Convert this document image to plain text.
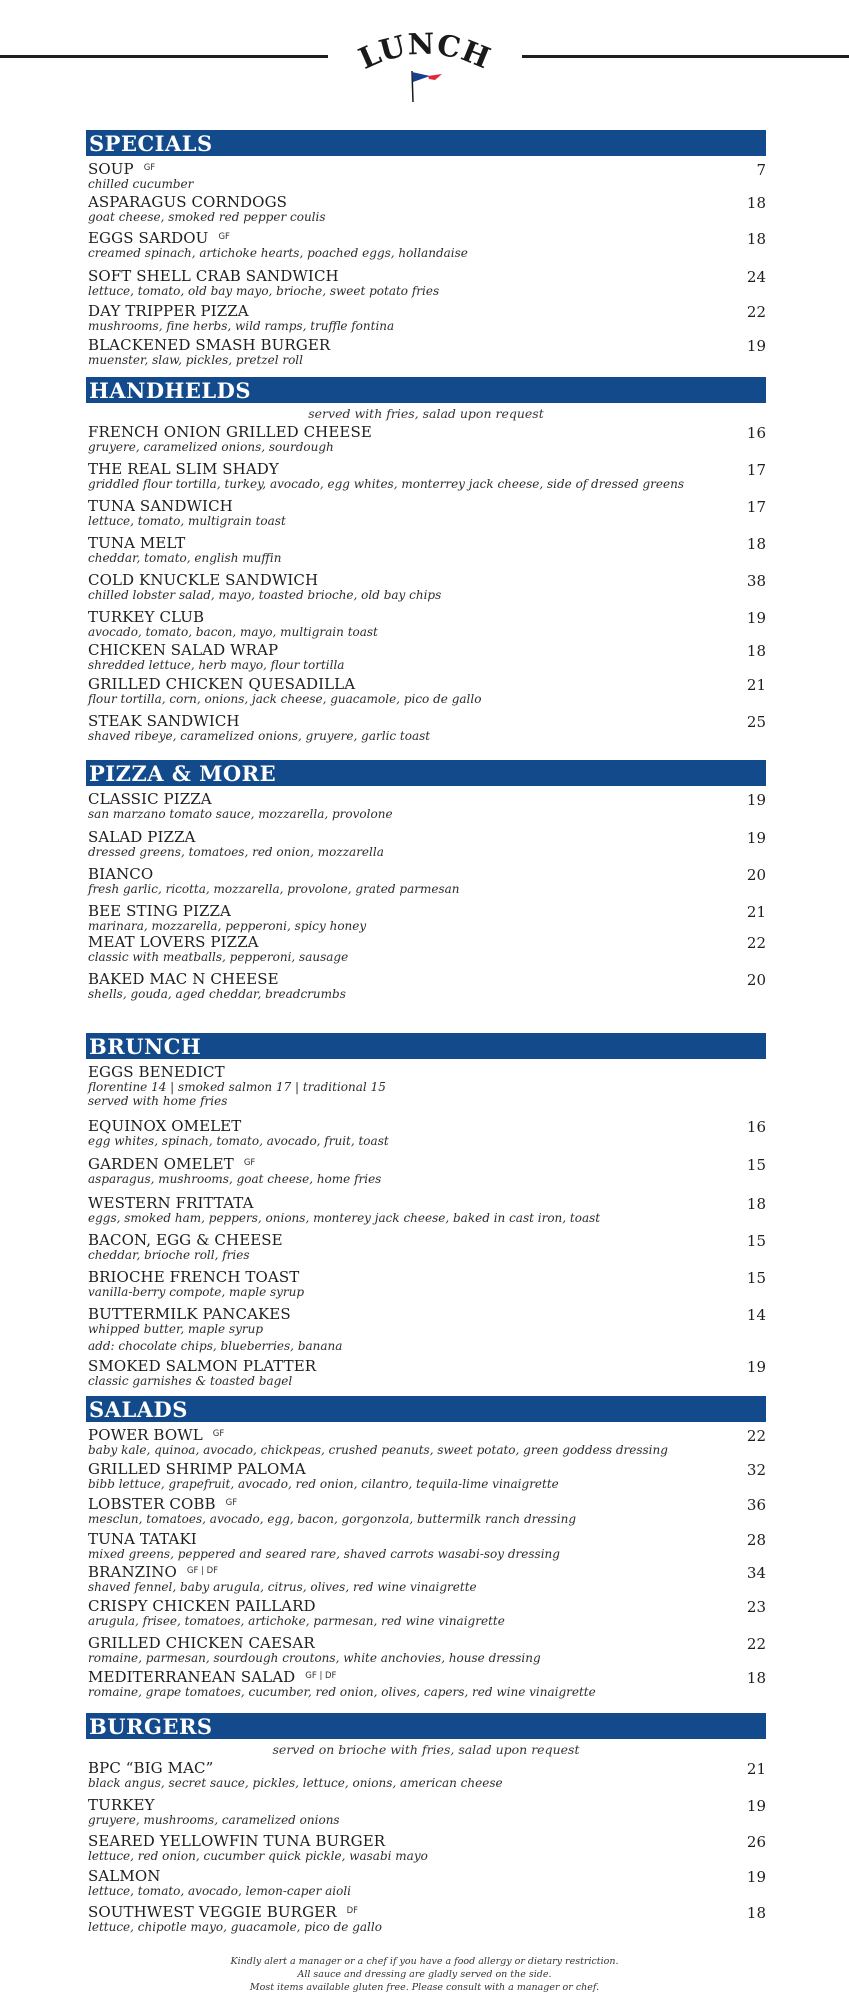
LUNCH
SPECIALS
SOUP $^{GF}$
chilled cucumber
7
ASPARAGUS CORNDOGS
goat cheese, smoked red pepper coulis
18
EGGS SARDOU $^{GF}$
creamed spinach, artichoke hearts, poached eggs, hollandaise
18
SOFT SHELL CRAB SANDWICH
lettuce, tomato, old bay mayo, brioche, sweet potato fries
24
DAY TRIPPER PIZZA
mushrooms, fine herbs, wild ramps, truffle fontina
22
BLACKENED SMASH BURGER
muenster, slaw, pickles, pretzel roll
19
HANDHELDS
served with fries, salad upon request
FRENCH ONION GRILLED CHEESE
gruyere, caramelized onions, sourdough
16
THE REAL SLIM SHADY
griddled flour tortilla, turkey, avocado, egg whites, monterrey jack cheese, side of dressed greens
17
TUNA SANDWICH
lettuce, tomato, multigrain toast
17
TUNA MELT
cheddar, tomato, english muffin
18
COLD KNUCKLE SANDWICH
chilled lobster salad, mayo, toasted brioche, old bay chips
38
TURKEY CLUB
avocado, tomato, bacon, mayo, multigrain toast
19
CHICKEN SALAD WRAP
shredded lettuce, herb mayo, flour tortilla
18
GRILLED CHICKEN QUESADILLA
flour tortilla, corn, onions, jack cheese, guacamole, pico de gallo
21
STEAK SANDWICH
shaved ribeye, caramelized onions, gruyere, garlic toast
25
PIZZA & MORE
CLASSIC PIZZA
san marzano tomato sauce, mozzarella, provolone
19
SALAD PIZZA
dressed greens, tomatoes, red onion, mozzarella
19
BIANCO
fresh garlic, ricotta, mozzarella, provolone, grated parmesan
20
BEE STING PIZZA
marinara, mozzarella, pepperoni, spicy honey
21
MEAT LOVERS PIZZA
classic with meatballs, pepperoni, sausage
22
BAKED MAC N CHEESE
shells, gouda, aged cheddar, breadcrumbs
20
BRUNCH
EGGS BENEDICT
florentine 14 | smoked salmon 17 | traditional 15
served with home fries
EQUINOX OMELET
egg whites, spinach, tomato, avocado, fruit, toast
16
GARDEN OMELET $^{GF}$
asparagus, mushrooms, goat cheese, home fries
15
WESTERN FRITTATA
eggs, smoked ham, peppers, onions, monterey jack cheese, baked in cast iron, toast
18
BACON, EGG & CHEESE
cheddar, brioche roll, fries
15
BRIOCHE FRENCH TOAST
vanilla-berry compote, maple syrup
15
BUTTERMILK PANCAKES
whipped butter, maple syrup
add: chocolate chips, blueberries, banana
14
SMOKED SALMON PLATTER
classic garnishes & toasted bagel
19
SALADS
POWER BOWL $^{GF}$
baby kale, quinoa, avocado, chickpeas, crushed peanuts, sweet potato, green goddess dressing
22
GRILLED SHRIMP PALOMA
bibb lettuce, grapefruit, avocado, red onion, cilantro, tequila-lime vinaigrette
32
LOBSTER COBB $^{GF}$
mesclun, tomatoes, avocado, egg, bacon, gorgonzola, buttermilk ranch dressing
36
TUNA TATAKI
mixed greens, peppered and seared rare, shaved carrots wasabi-soy dressing
28
BRANZINO $^{GF | DF}$
shaved fennel, baby arugula, citrus, olives, red wine vinaigrette
34
CRISPY CHICKEN PAILLARD
arugula, frisee, tomatoes, artichoke, parmesan, red wine vinaigrette
23
GRILLED CHICKEN CAESAR
romaine, parmesan, sourdough croutons, white anchovies, house dressing
22
MEDITERRANEAN SALAD $^{GF | DF}$
romaine, grape tomatoes, cucumber, red onion, olives, capers, red wine vinaigrette
18
BURGERS
served on brioche with fries, salad upon request
BPC “BIG MAC”
black angus, secret sauce, pickles, lettuce, onions, american cheese
21
TURKEY
gruyere, mushrooms, caramelized onions
19
SEARED YELLOWFIN TUNA BURGER
lettuce, red onion, cucumber quick pickle, wasabi mayo
26
SALMON
lettuce, tomato, avocado, lemon-caper aioli
19
SOUTHWEST VEGGIE BURGER $^{DF}$
lettuce, chipotle mayo, guacamole, pico de gallo
18
Kindly alert a manager or a chef if you have a food allergy or dietary restriction.
All sauce and dressing are gladly served on the side.
Most items available gluten free. Please consult with a manager or chef.
